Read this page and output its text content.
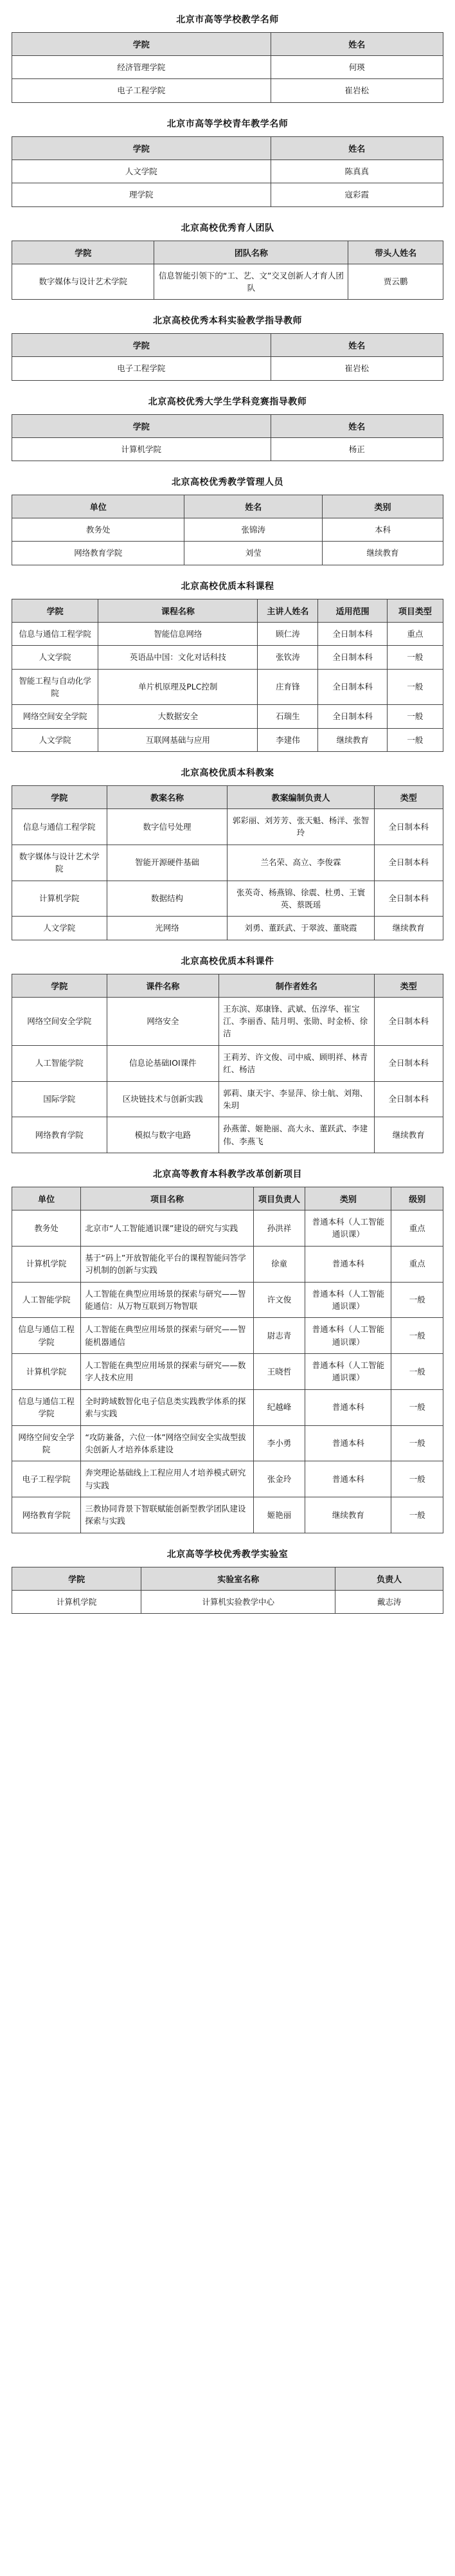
北京市高等学校教学名师
学院	姓名
经济管理学院	何瑛
电子工程学院	崔岩松
北京市高等学校青年教学名师
学院	姓名
人文学院	陈真真
理学院	寇彩霞
北京高校优秀育人团队
学院	团队名称	带头人姓名
数字媒体与设计艺术学院	信息智能引领下的“工、艺、文”交叉创新人才育人团队	贾云鹏
北京高校优秀本科实验教学指导教师
学院	姓名
电子工程学院	崔岩松
北京高校优秀大学生学科竞赛指导教师
学院	姓名
计算机学院	杨正
北京高校优秀教学管理人员
单位	姓名	类别
教务处	张锦涛	本科
网络教育学院	刘莹	继续教育
北京高校优质本科课程
学院	课程名称	主讲人姓名	适用范围	项目类型
信息与通信工程学院	智能信息网络	顾仁涛	全日制本科	重点
人文学院	英语品中国：文化对话科技	张钦涛	全日制本科	一般
智能工程与自动化学院	单片机原理及PLC控制	庄育锋	全日制本科	一般
网络空间安全学院	大数据安全	石瑞生	全日制本科	一般
人文学院	互联网基础与应用	李建伟	继续教育	一般
北京高校优质本科教案
学院	教案名称	教案编制负责人	类型
信息与通信工程学院	数字信号处理	郭彩丽、刘芳芳、张天魁、杨洋、张智玲	全日制本科
数字媒体与设计艺术学院	智能开源硬件基础	兰名荣、高立、李俊霖	全日制本科
计算机学院	数据结构	张英奇、杨燕锦、徐震、杜勇、王寰英、蔡既瑶	全日制本科
人文学院	光网络	刘勇、董跃武、于翠波、董晓霞	继续教育
北京高校优质本科课件
学院	课件名称	制作者姓名	类型
网络空间安全学院	网络安全	王东滨、郑康锋、武斌、伍淳华、崔宝江、李丽香、陆月明、张勋、时金桥、徐洁	全日制本科
人工智能学院	信息论基础IOI课件	王莉芳、许文俊、司中威、顾明祥、林青红、杨洁	全日制本科
国际学院	区块链技术与创新实践	郭莉、康天宇、李显萍、徐士航、刘翔、朱玥	全日制本科
网络教育学院	模拟与数字电路	孙燕蕾、姬艳丽、高大永、董跃武、李建伟、李燕飞	继续教育
北京高等教育本科教学改革创新项目
单位	项目名称	项目负责人	类别	级别
教务处	北京市“人工智能通识课”建设的研究与实践	孙洪祥	普通本科（人工智能通识课）	重点
计算机学院	基于“码上”开放智能化平台的课程智能问答学习机制的创新与实践	徐童	普通本科	重点
人工智能学院	人工智能在典型应用场景的探索与研究——智能通信：从万物互联到万物智联	许文俊	普通本科（人工智能通识课）	一般
信息与通信工程学院	人工智能在典型应用场景的探索与研究——智能机器通信	尉志青	普通本科（人工智能通识课）	一般
计算机学院	人工智能在典型应用场景的探索与研究——数字人技术应用	王晓哲	普通本科（人工智能通识课）	一般
信息与通信工程学院	全时跨域数智化电子信息类实践教学体系的探索与实践	纪越峰	普通本科	一般
网络空间安全学院	“攻防兼备，六位一体”网络空间安全实战型拔尖创新人才培养体系建设	李小勇	普通本科	一般
电子工程学院	奔突理论基础线上工程应用人才培养模式研究与实践	张金玲	普通本科	一般
网络教育学院	三教协同背景下智联赋能创新型教学团队建设探索与实践	姬艳丽	继续教育	一般
北京高等学校优秀教学实验室
学院	实验室名称	负责人
计算机学院	计算机实验教学中心	戴志涛
